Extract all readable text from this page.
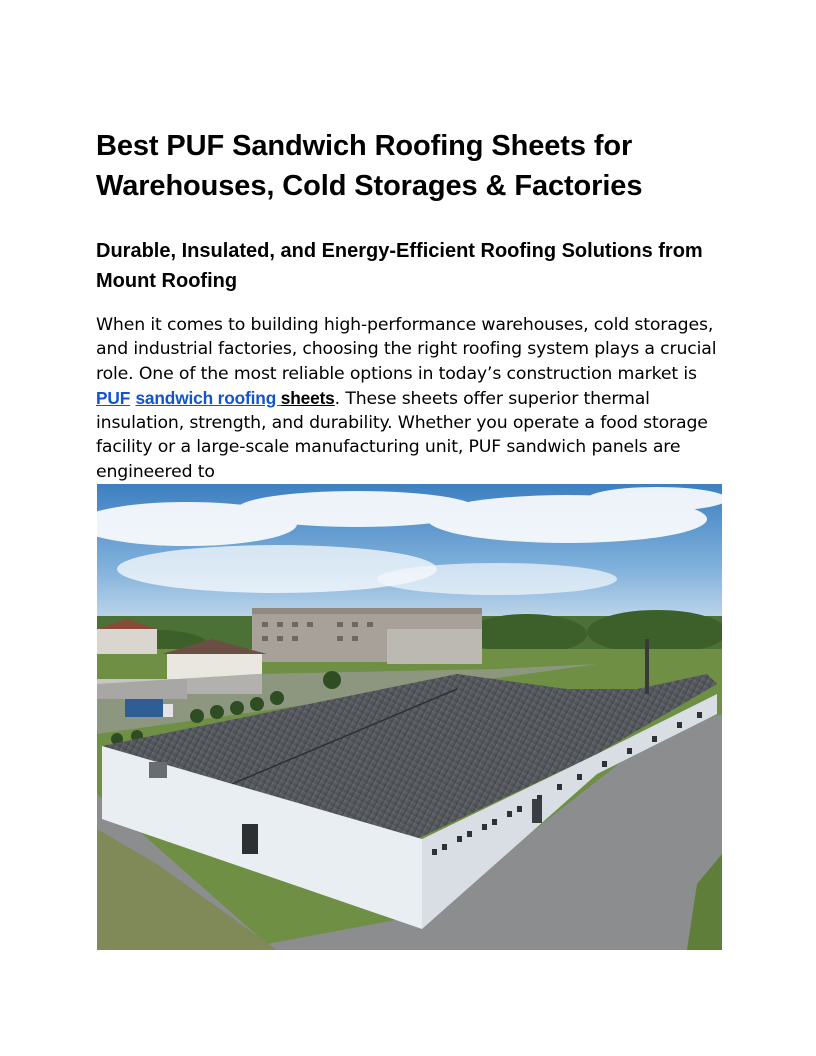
Best PUF Sandwich Roofing Sheets for Warehouses, Cold Storages & Factories
Durable, Insulated, and Energy-Efficient Roofing Solutions from Mount Roofing

When it comes to building high-performance warehouses, cold storages, and industrial factories, choosing the right roofing system plays a crucial role. One of the most reliable options in today’s construction market is PUF sandwich roofing sheets. These sheets offer superior thermal insulation, strength, and durability. Whether you operate a food storage facility or a large-scale manufacturing unit, PUF sandwich panels are engineered to
